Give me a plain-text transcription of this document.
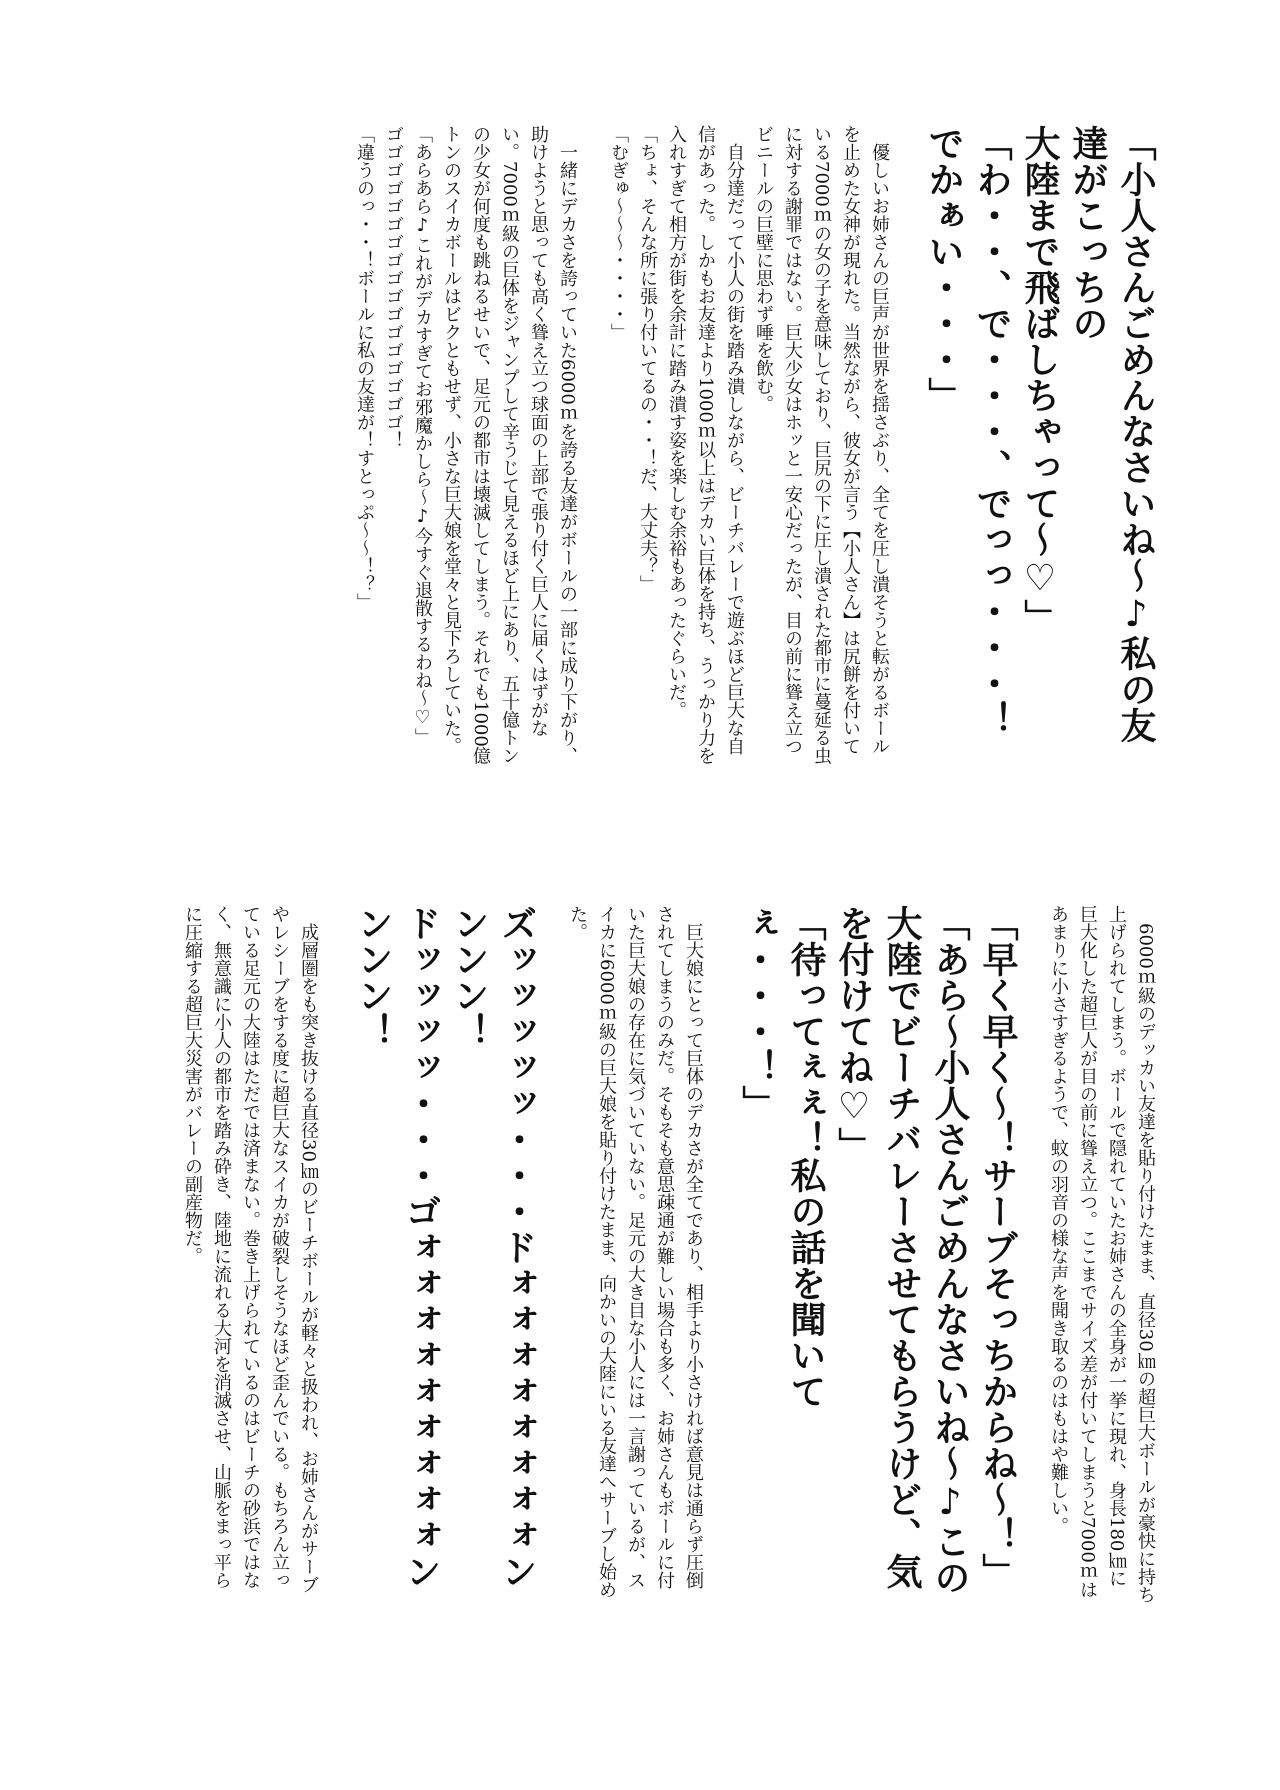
「小人さんごめんなさいね～♪私の友達がこっちの
大陸まで飛ばしちゃって～♡」
「わ・・、で・・・、でっっ・・・！でかぁい・・・」

　優しいお姉さんの巨声が世界を揺さぶり、全てを圧し潰そうと転がるボールを止めた女神が現れた。当然ながら、彼女が言う【小人さん】は尻餅を付いている7000ｍの女の子を意味しており、巨尻の下に圧し潰された都市に蔓延る虫に対する謝罪ではない。巨大少女はホッと一安心だったが、目の前に聳え立つビニールの巨壁に思わず唾を飲む。
　自分達だって小人の街を踏み潰しながら、ビーチバレーで遊ぶほど巨大な自信があった。しかもお友達より1000ｍ以上はデカい巨体を持ち、うっかり力を入れすぎて相方が街を余計に踏み潰す姿を楽しむ余裕もあったぐらいだ。
「ちょ、そんな所に張り付いてるの・・！だ、大丈夫？」
「むぎゅ～～～・・・・」

　一緒にデカさを誇っていた6000ｍを誇る友達がボールの一部に成り下がり、助けようと思っても高く聳え立つ球面の上部で張り付く巨人に届くはずがない。7000ｍ級の巨体をジャンプして辛うじて見えるほど上にあり、五十億トンの少女が何度も跳ねるせいで、足元の都市は壊滅してしまう。それでも1000億トンのスイカボールはビクともせず、小さな巨大娘を堂々と見下ろしていた。
「あらあら♪これがデカすぎてお邪魔かしら～♪今すぐ退散するわね～♡」
ゴゴゴゴゴゴゴゴゴゴゴゴゴゴゴゴゴ！
「違うのっ・・！ボールに私の友達が！すとっぷ～～！？」

　6000ｍ級のデッカい友達を貼り付けたまま、直径30㎞の超巨大ボールが豪快に持ち上げられてしまう。ボールで隠れていたお姉さんの全身が一挙に現れ、身長180㎞に巨大化した超巨人が目の前に聳え立つ。ここまでサイズ差が付いてしまうと7000ｍはあまりに小さすぎるようで、蚊の羽音の様な声を聞き取るのはもはや難しい。

「早く早く～！サーブそっちからね～！」
「あら～小人さんごめんなさいね～♪この大陸でビーチバレーさせてもらうけど、気を付けてね♡」
「待ってぇぇ！私の話を聞いてぇ・・・！」

　巨大娘にとって巨体のデカさが全てであり、相手より小さければ意見は通らず圧倒されてしまうのみだ。そもそも意思疎通が難しい場合も多く、お姉さんもボールに付いた巨大娘の存在に気づいていない。足元の大き目な小人には一言謝っているが、スイカに6000ｍ級の巨大娘を貼り付けたまま、向かいの大陸にいる友達へサーブし始めた。

ズッッッッッ・・・ドォォォォォォォォンンンン！
ドッッッッ・・・ゴォォォォォォォォォンンンン！

　成層圏をも突き抜ける直径30㎞のビーチボールが軽々と扱われ、お姉さんがサーブやレシーブをする度に超巨大なスイカが破裂しそうなほど歪んでいる。もちろん立っている足元の大陸はただでは済まない。巻き上げられているのはビーチの砂浜ではなく、無意識に小人の都市を踏み砕き、陸地に流れる大河を消滅させ、山脈をまっ平らに圧縮する超巨大災害がバレーの副産物だ。
